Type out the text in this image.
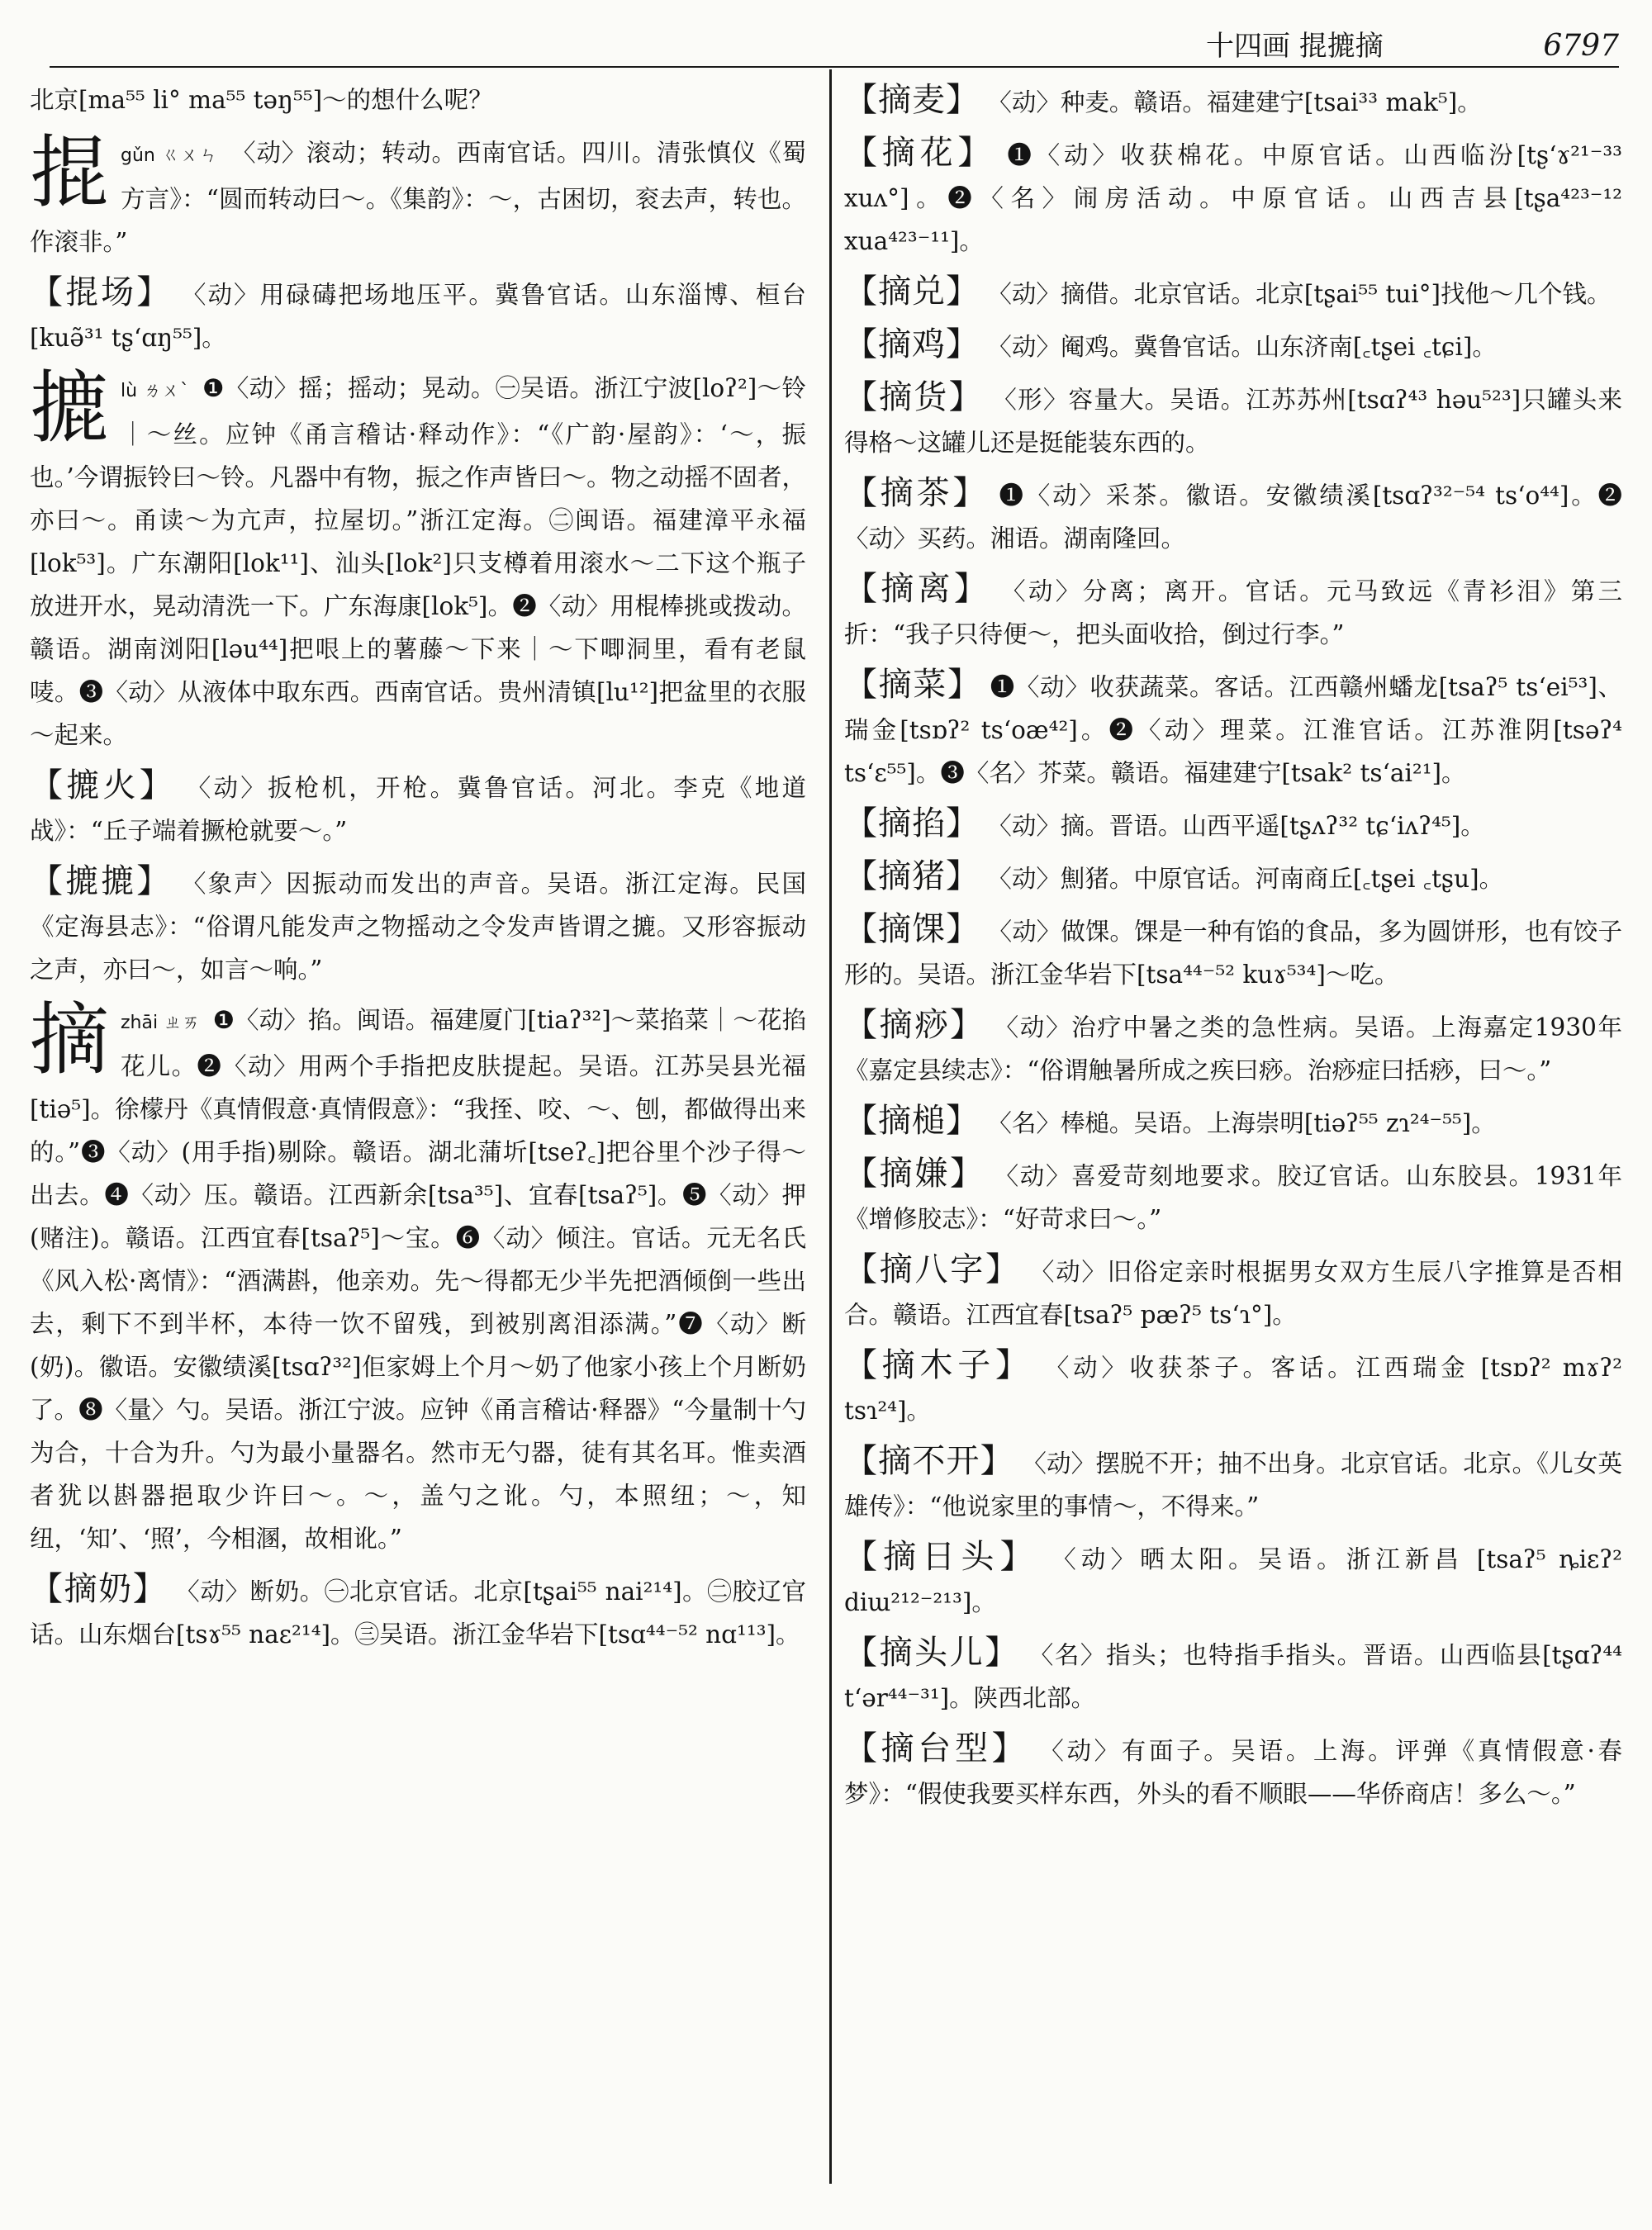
十四画 掍摝摘	6797
北京[ma⁵⁵ li° ma⁵⁵ təŋ⁵⁵]～的想什么呢？
掍 gǔn ㄍㄨㄣ 〈动〉滚动；转动。西南官话。四川。清张慎仪《蜀方言》：“圆而转动曰～。《集韵》：～，古困切，衮去声，转也。作滚非。”
【掍场】 〈动〉用碌碡把场地压平。冀鲁官话。山东淄博、桓台[kuə̃³¹ tʂʻɑŋ⁵⁵]。
摝 lù ㄌㄨˋ ❶〈动〉摇；摇动；晃动。㊀吴语。浙江宁波[loʔ²]～铃｜～丝。应钟《甬言稽诂·释动作》：“《广韵·屋韵》：‘～，振也。’今谓振铃曰～铃。凡器中有物，振之作声皆曰～。物之动摇不固者，亦曰～。甬读～为亢声，拉屋切。”浙江定海。㊁闽语。福建漳平永福[lok⁵³]。广东潮阳[lok¹¹]、汕头[lok²]只支樽着用滚水～二下这个瓶子放进开水，晃动清洗一下。广东海康[lok⁵]。❷〈动〉用棍棒挑或拨动。赣语。湖南浏阳[ləu⁴⁴]把哏上的薯藤～下来｜～下唧洞里，看有老鼠唛。❸〈动〉从液体中取东西。西南官话。贵州清镇[lu¹²]把盆里的衣服～起来。
【摝火】 〈动〉扳枪机，开枪。冀鲁官话。河北。李克《地道战》：“丘子端着撅枪就要～。”
【摝摝】 〈象声〉因振动而发出的声音。吴语。浙江定海。民国《定海县志》：“俗谓凡能发声之物摇动之令发声皆谓之摝。又形容振动之声，亦曰～，如言～响。”
摘 zhāi ㄓㄞ ❶〈动〉掐。闽语。福建厦门[tiaʔ³²]～菜掐菜｜～花掐花儿。❷〈动〉用两个手指把皮肤提起。吴语。江苏吴县光福[tiə⁵]。徐檬丹《真情假意·真情假意》：“我挃、咬、～、刨，都做得出来的。”❸〈动〉(用手指)剔除。赣语。湖北蒲圻[tseʔ꜀]把谷里个沙子得～出去。❹〈动〉压。赣语。江西新余[tsa³⁵]、宜春[tsaʔ⁵]。❺〈动〉押(赌注)。赣语。江西宜春[tsaʔ⁵]～宝。❻〈动〉倾注。官话。元无名氏《风入松·离情》：“酒满斟，他亲劝。先～得都无少半先把酒倾倒一些出去，剩下不到半杯，本待一饮不留残，到被别离泪添满。”❼〈动〉断(奶)。徽语。安徽绩溪[tsɑʔ³²]佢家姆上个月～奶了他家小孩上个月断奶了。❽〈量〉勺。吴语。浙江宁波。应钟《甬言稽诂·释器》“今量制十勺为合，十合为升。勺为最小量器名。然市无勺器，徒有其名耳。惟卖酒者犹以斟器挹取少许曰～。～，盖勺之讹。勺，本照纽；～，知纽，‘知’、‘照’，今相溷，故相讹。”
【摘奶】 〈动〉断奶。㊀北京官话。北京[tʂai⁵⁵ nai²¹⁴]。㊁胶辽官话。山东烟台[tsɤ⁵⁵ naɛ²¹⁴]。㊂吴语。浙江金华岩下[tsɑ⁴⁴⁻⁵² nɑ¹¹³]。
【摘麦】 〈动〉种麦。赣语。福建建宁[tsai³³ mak⁵]。
【摘花】 ❶〈动〉收获棉花。中原官话。山西临汾[tʂʻɤ²¹⁻³³ xuʌ°]。❷〈名〉闹房活动。中原官话。山西吉县[tʂa⁴²³⁻¹² xua⁴²³⁻¹¹]。
【摘兑】 〈动〉摘借。北京官话。北京[tʂai⁵⁵ tui°]找他～几个钱。
【摘鸡】 〈动〉阉鸡。冀鲁官话。山东济南[꜀tʂei ꜀tɕi]。
【摘货】 〈形〉容量大。吴语。江苏苏州[tsɑʔ⁴³ həu⁵²³]只罐头来得格～这罐儿还是挺能装东西的。
【摘茶】 ❶〈动〉采茶。徽语。安徽绩溪[tsɑʔ³²⁻⁵⁴ tsʻo⁴⁴]。❷〈动〉买药。湘语。湖南隆回。
【摘离】 〈动〉分离；离开。官话。元马致远《青衫泪》第三折：“我子只待便～，把头面收拾，倒过行李。”
【摘菜】 ❶〈动〉收获蔬菜。客话。江西赣州蟠龙[tsaʔ⁵ tsʻei⁵³]、瑞金[tsɒʔ² tsʻoæ⁴²]。❷〈动〉理菜。江淮官话。江苏淮阴[tsəʔ⁴ tsʻɛ⁵⁵]。❸〈名〉芥菜。赣语。福建建宁[tsak² tsʻai²¹]。
【摘掐】 〈动〉摘。晋语。山西平遥[tʂʌʔ³² tɕʻiʌʔ⁴⁵]。
【摘猪】 〈动〉劁猪。中原官话。河南商丘[꜀tʂei ꜀tʂu]。
【摘馃】 〈动〉做馃。馃是一种有馅的食品，多为圆饼形，也有饺子形的。吴语。浙江金华岩下[tsa⁴⁴⁻⁵² kuɤ⁵³⁴]～吃。
【摘痧】 〈动〉治疗中暑之类的急性病。吴语。上海嘉定1930年《嘉定县续志》：“俗谓触暑所成之疾曰痧。治痧症曰括痧，曰～。”
【摘槌】 〈名〉棒槌。吴语。上海崇明[tiəʔ⁵⁵ zɿ²⁴⁻⁵⁵]。
【摘嫌】 〈动〉喜爱苛刻地要求。胶辽官话。山东胶县。1931年《增修胶志》：“好苛求曰～。”
【摘八字】 〈动〉旧俗定亲时根据男女双方生辰八字推算是否相合。赣语。江西宜春[tsaʔ⁵ pæʔ⁵ tsʻɿ°]。
【摘木子】 〈动〉收获茶子。客话。江西瑞金 [tsɒʔ² mɤʔ² tsɿ²⁴]。
【摘不开】 〈动〉摆脱不开；抽不出身。北京官话。北京。《儿女英雄传》：“他说家里的事情～，不得来。”
【摘日头】 〈动〉晒太阳。吴语。浙江新昌 [tsaʔ⁵ ȵiɛʔ² diɯ²¹²⁻²¹³]。
【摘头儿】 〈名〉指头；也特指手指头。晋语。山西临县[tʂɑʔ⁴⁴ tʻər⁴⁴⁻³¹]。陕西北部。
【摘台型】 〈动〉有面子。吴语。上海。评弹《真情假意·春梦》：“假使我要买样东西，外头的看不顺眼——华侨商店！多么～。”
